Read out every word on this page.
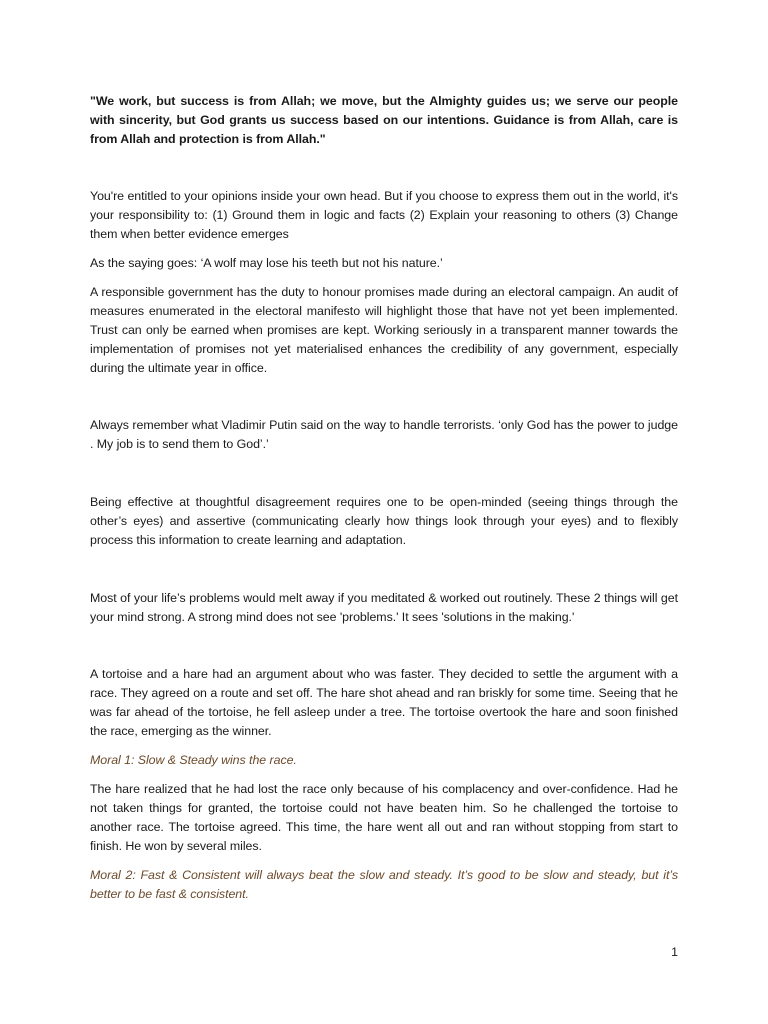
"We work, but success is from Allah; we move, but the Almighty guides us; we serve our people with sincerity, but God grants us success based on our intentions. Guidance is from Allah, care is from Allah and protection is from Allah."

You're entitled to your opinions inside your own head. But if you choose to express them out in the world, it's your responsibility to: (1) Ground them in logic and facts (2) Explain your reasoning to others (3) Change them when better evidence emerges

As the saying goes: ‘A wolf may lose his teeth but not his nature.’

A responsible government has the duty to honour promises made during an electoral campaign. An audit of measures enumerated in the electoral manifesto will highlight those that have not yet been implemented. Trust can only be earned when promises are kept. Working seriously in a transparent manner towards the implementation of promises not yet materialised enhances the credibility of any government, especially during the ultimate year in office.

Always remember what Vladimir Putin said on the way to handle terrorists. ‘only God has the power to judge . My job is to send them to God’.’

Being effective at thoughtful disagreement requires one to be open-minded (seeing things through the other’s eyes) and assertive (communicating clearly how things look through your eyes) and to flexibly process this information to create learning and adaptation.

Most of your life’s problems would melt away if you meditated & worked out routinely. These 2 things will get your mind strong. A strong mind does not see 'problems.' It sees 'solutions in the making.'

A tortoise and a hare had an argument about who was faster. They decided to settle the argument with a race. They agreed on a route and set off. The hare shot ahead and ran briskly for some time. Seeing that he was far ahead of the tortoise, he fell asleep under a tree. The tortoise overtook the hare and soon finished the race, emerging as the winner.

Moral 1: Slow & Steady wins the race.

The hare realized that he had lost the race only because of his complacency and over-confidence. Had he not taken things for granted, the tortoise could not have beaten him. So he challenged the tortoise to another race. The tortoise agreed. This time, the hare went all out and ran without stopping from start to finish. He won by several miles.

Moral 2: Fast & Consistent will always beat the slow and steady. It’s good to be slow and steady, but it’s better to be fast & consistent.

1
